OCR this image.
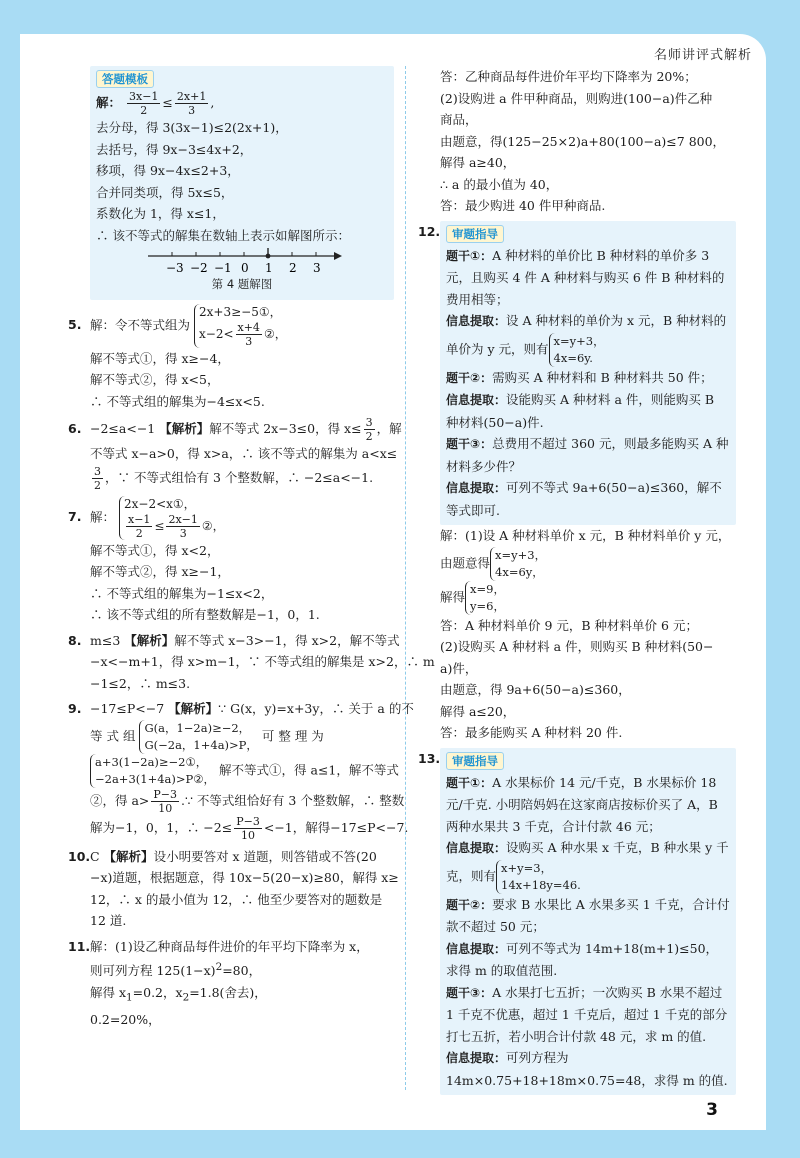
名师讲评式解析
答题模板
解： $\frac{3x-1}{2} \le \frac{2x+1}{3}$ ,
去分母，得 3(3x−1)≤2(2x+1)，
去括号，得 9x−3≤4x+2，
移项，得 9x−4x≤2+3，
合并同类项，得 5x≤5，
系数化为 1，得 x≤1，
∴ 该不等式的解集在数轴上表示如解图所示：
−3 −2 −1 0 1 2 3
第 4 题解图
5. 解：令不等式组为
2x+3≥−5①，
$x-2< \frac{x+4}{3}$ ②，
解不等式①，得 x≥−4，
解不等式②，得 x<5，
∴ 不等式组的解集为−4≤x<5.
6. −2≤a<−1 【解析】解不等式 2x−3≤0，得 $x\le \frac{3}{2}$ ，解
不等式 x−a>0，得 x>a，∴ 该不等式的解集为 a<x≤
$\frac{3}{2}$ ，∵ 不等式组恰有 3 个整数解，∴ −2≤a<−1.
7. 解：
2x−2<x①，
$\frac{x-1}{2} \le \frac{2x-1}{3}$ ②，
解不等式①，得 x<2，
解不等式②，得 x≥−1，
∴ 不等式组的解集为−1≤x<2，
∴ 该不等式组的所有整数解是−1，0，1.
8. m≤3 【解析】解不等式 x−3>−1，得 x>2，解不等式
−x<−m+1，得 x>m−1，∵ 不等式组的解集是 x>2，∴ m
−1≤2，∴ m≤3.
9. −17≤P<−7 【解析】∵ G(x，y)=x+3y，∴ 关于 a 的不
等 式 组
G(a，1−2a)≥−2，
G(−2a，1+4a)>P，
可 整 理 为
a+3(1−2a)≥−2①，
−2a+3(1+4a)>P②，
解不等式①，得 a≤1，解不等式
②，得 $a> \frac{P-3}{10}$ .∵ 不等式组恰好有 3 个整数解，∴ 整数
解为−1，0，1，∴ $-2\le \frac{P-3}{10} <-1$，解得−17≤P<−7.
10.C 【解析】设小明要答对 x 道题，则答错或不答(20
−x)道题，根据题意，得 10x−5(20−x)≥80，解得 x≥
12，∴ x 的最小值为 12，∴ 他至少要答对的题数是
12 道.
11.解：(1)设乙种商品每件进价的年平均下降率为 x，
则可列方程 $125(1-x)^2=80$，
解得 $x_1=0.2$，$x_2=1.8$(舍去)，
0.2=20%，
答：乙种商品每件进价年平均下降率为 20%；
(2)设购进 a 件甲种商品，则购进(100−a)件乙种
商品，
由题意，得(125−25×2)a+80(100−a)≤7 800，
解得 a≥40，
∴ a 的最小值为 40，
答：最少购进 40 件甲种商品.
12.	审题指导
题干①：A 种材料的单价比 B 种材料的单价多 3 元，且购买 4 件 A 种材料与购买 6 件 B 种材料的费用相等；
信息提取：设 A 种材料的单价为 x 元，B 种材料的
单价为 y 元，则有
x=y+3，
4x=6y.
题干②：需购买 A 种材料和 B 种材料共 50 件；
信息提取：设能购买 A 种材料 a 件，则能购买 B 种材料(50−a)件.
题干③：总费用不超过 360 元，则最多能购买 A 种材料多少件？
信息提取：可列不等式 9a+6(50−a)≤360，解不等式即可.
解：(1)设 A 种材料单价 x 元，B 种材料单价 y 元，
由题意得
x=y+3，
4x=6y，
解得
x=9，
y=6，
答：A 种材料单价 9 元，B 种材料单价 6 元；
(2)设购买 A 种材料 a 件，则购买 B 种材料(50−
a)件，
由题意，得 9a+6(50−a)≤360，
解得 a≤20，
答：最多能购买 A 种材料 20 件.
13.	审题指导
题干①：A 水果标价 14 元/千克，B 水果标价 18 元/千克. 小明陪妈妈在这家商店按标价买了 A，B 两种水果共 3 千克，合计付款 46 元；
信息提取：设购买 A 种水果 x 千克，B 种水果 y 千
克，则有
x+y=3，
14x+18y=46.
题干②：要求 B 水果比 A 水果多买 1 千克，合计付款不超过 50 元；
信息提取：可列不等式为 14m+18(m+1)≤50，求得 m 的取值范围.
题干③：A 水果打七五折；一次购买 B 水果不超过 1 千克不优惠，超过 1 千克后，超过 1 千克的部分打七五折，若小明合计付款 48 元，求 m 的值.
信息提取：可列方程为 14m×0.75+18+18m×0.75=48，求得 m 的值.
3
